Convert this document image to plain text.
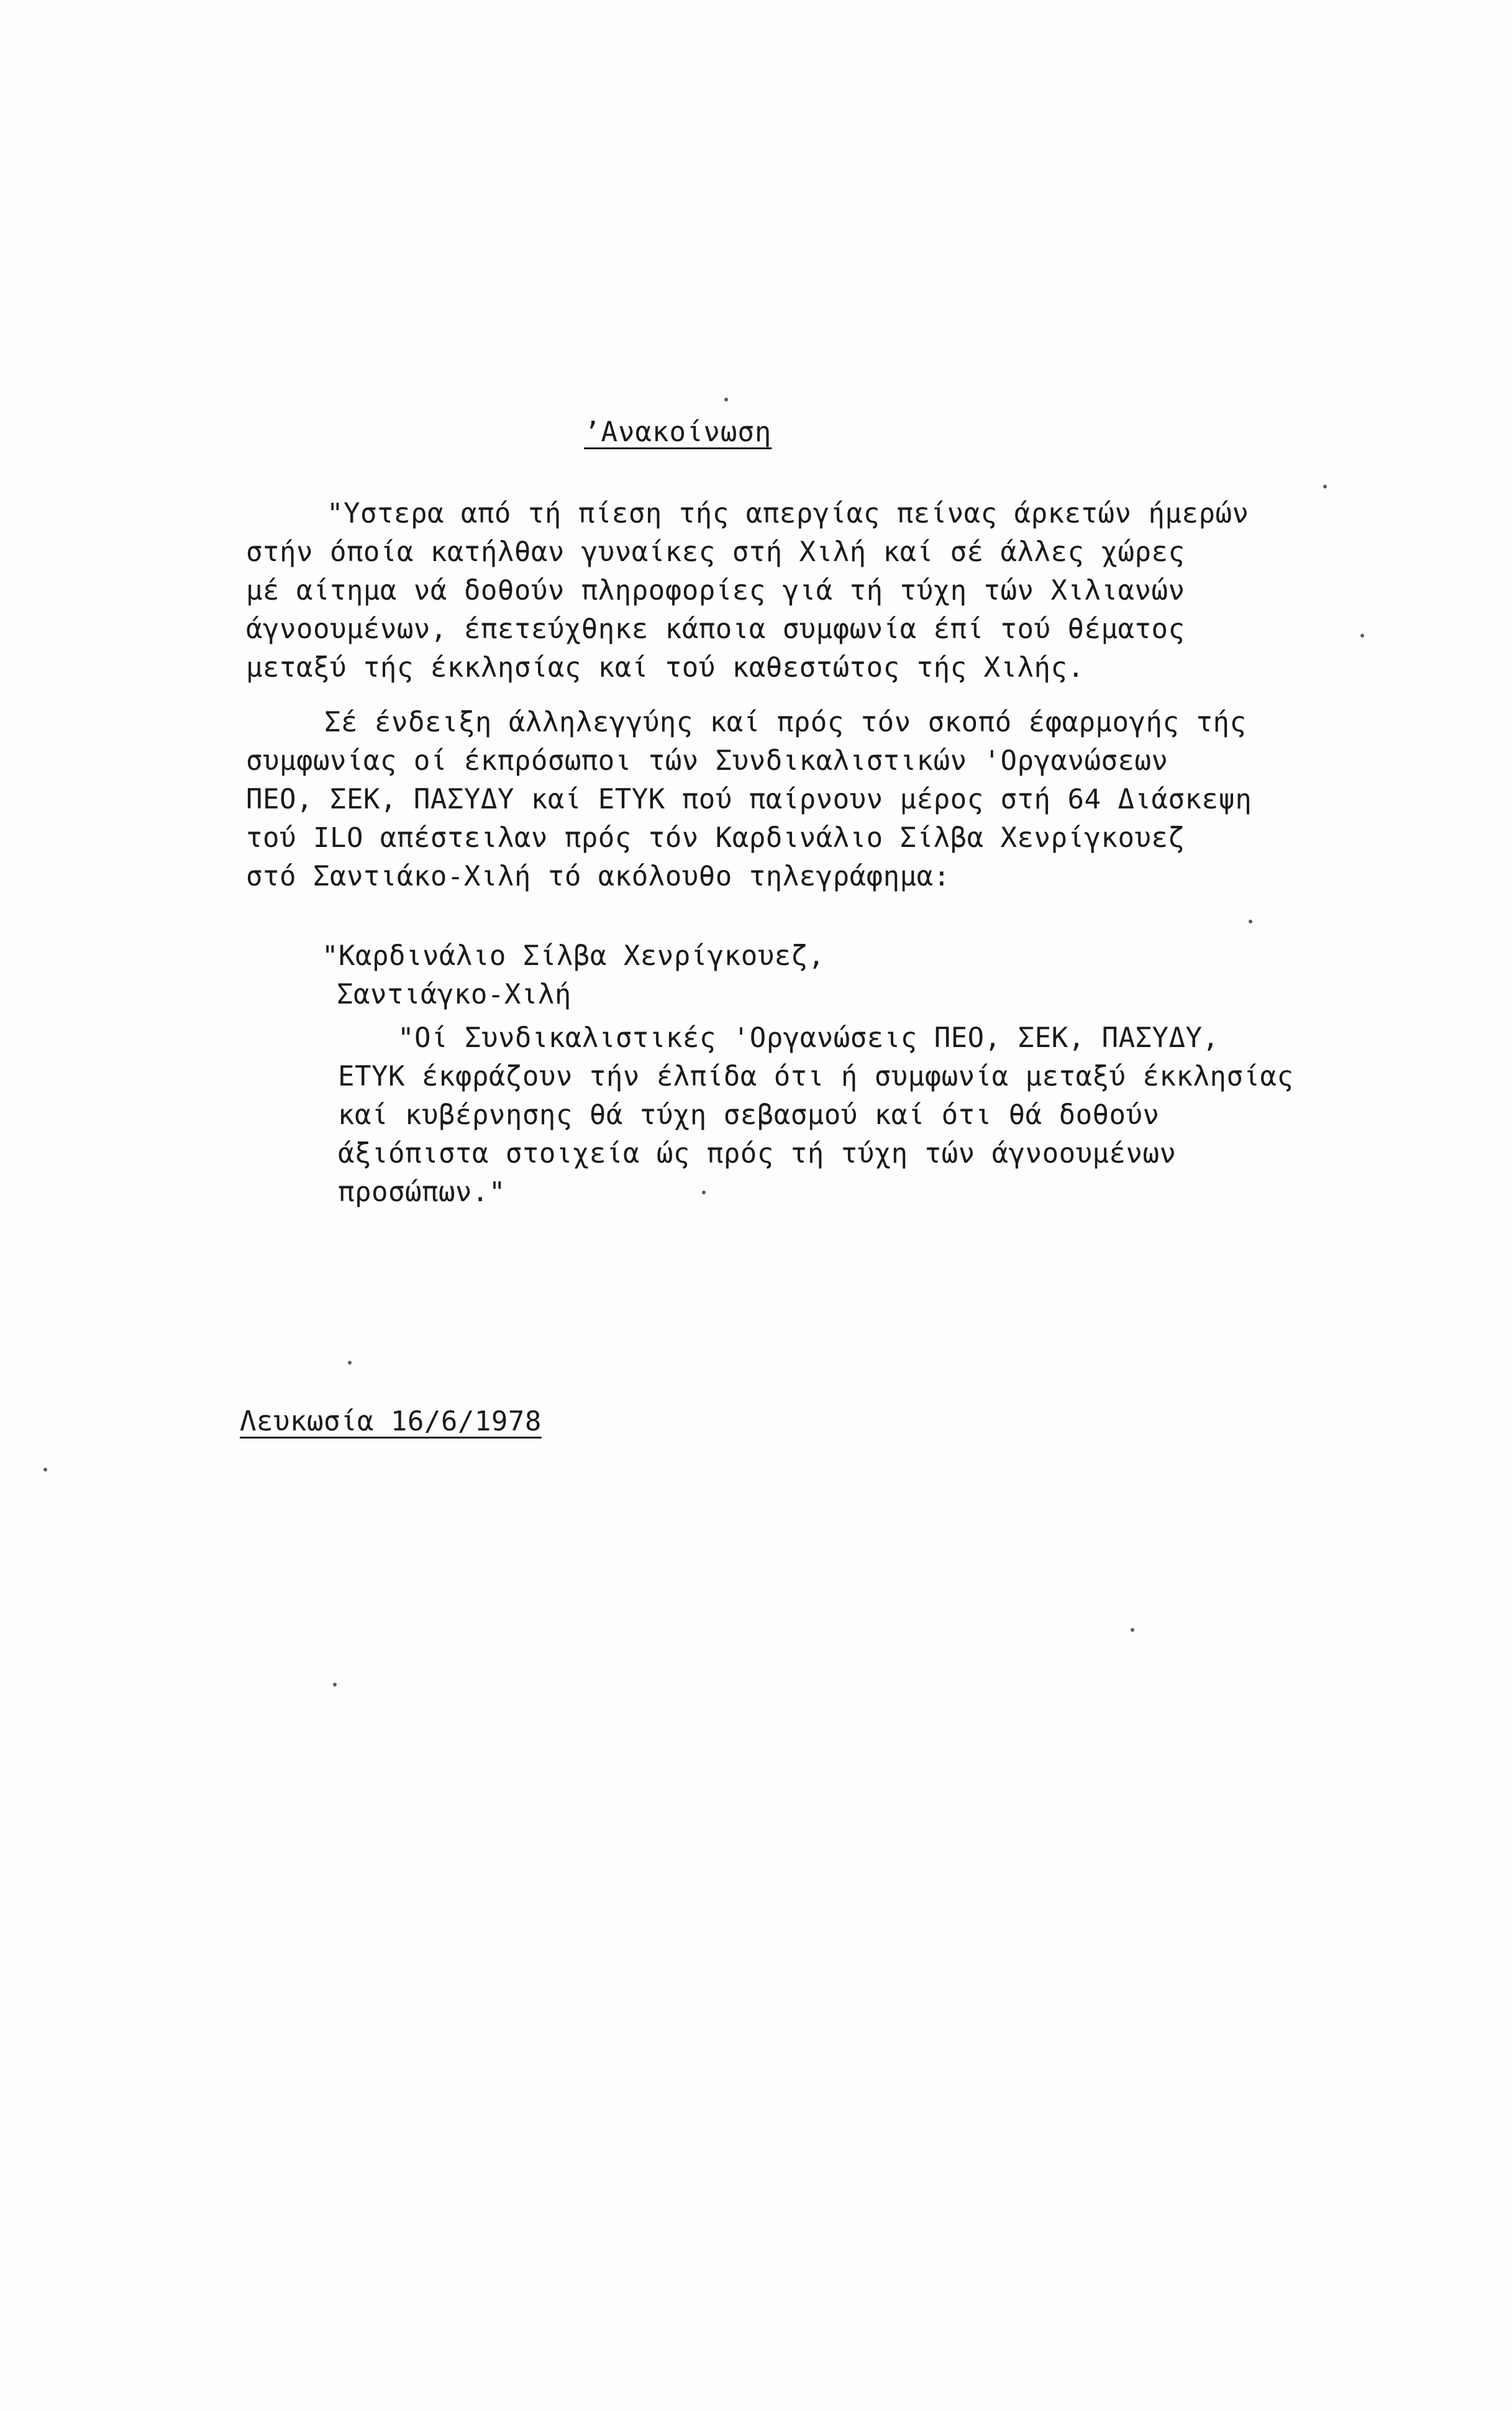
’Ανακοίνωση
"Υστερα από τή πίεση τής απεργίας πείνας άρκετών ήμερών
στήν όποία κατήλθαν γυναίκες στή Χιλή καί σέ άλλες χώρες
μέ αίτημα νά δοθούν πληροφορίες γιά τή τύχη τών Χιλιανών
άγνοουμένων, έπετεύχθηκε κάποια συμφωνία έπί τού θέματος
μεταξύ τής έκκλησίας καί τού καθεστώτος τής Χιλής.
Σέ ένδειξη άλληλεγγύης καί πρός τόν σκοπό έφαρμογής τής
συμφωνίας οί έκπρόσωποι τών Συνδικαλιστικών 'Οργανώσεων
ΠΕΟ, ΣΕΚ, ΠΑΣΥΔΥ καί ΕΤΥΚ πού παίρνουν μέρος στή 64 Διάσκεψη
τού ILO απέστειλαν πρός τόν Καρδινάλιο Σίλβα Χενρίγκουεζ
στό Σαντιάκο-Χιλή τό ακόλουθο τηλεγράφημα:
"Καρδινάλιο Σίλβα Χενρίγκουεζ,
Σαντιάγκο-Χιλή
"Οί Συνδικαλιστικές 'Οργανώσεις ΠΕΟ, ΣΕΚ, ΠΑΣΥΔΥ,
ΕΤΥΚ έκφράζουν τήν έλπίδα ότι ή συμφωνία μεταξύ έκκλησίας
καί κυβέρνησης θά τύχη σεβασμού καί ότι θά δοθούν
άξιόπιστα στοιχεία ώς πρός τή τύχη τών άγνοουμένων
προσώπων."
Λευκωσία 16/6/1978
